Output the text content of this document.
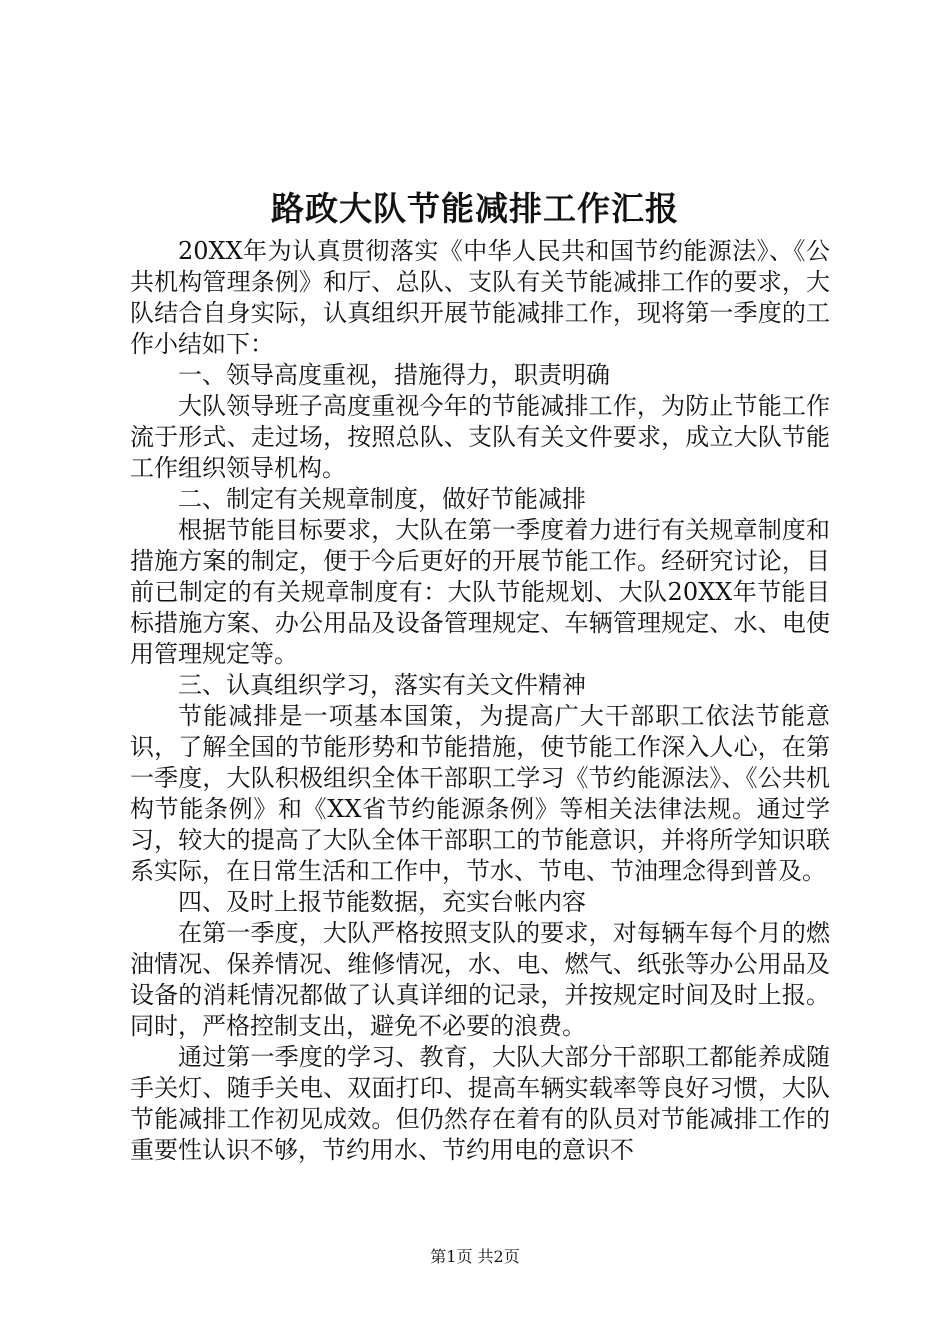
路政大队节能减排工作汇报

20XX年为认真贯彻落实《中华人民共和国节约能源法》、《公共机构管理条例》和厅、总队、支队有关节能减排工作的要求，大队结合自身实际，认真组织开展节能减排工作，现将第一季度的工作小结如下：

一、领导高度重视，措施得力，职责明确

大队领导班子高度重视今年的节能减排工作，为防止节能工作流于形式、走过场，按照总队、支队有关文件要求，成立大队节能工作组织领导机构。

二、制定有关规章制度，做好节能减排

根据节能目标要求，大队在第一季度着力进行有关规章制度和措施方案的制定，便于今后更好的开展节能工作。经研究讨论，目前已制定的有关规章制度有：大队节能规划、大队20XX年节能目标措施方案、办公用品及设备管理规定、车辆管理规定、水、电使用管理规定等。

三、认真组织学习，落实有关文件精神

节能减排是一项基本国策，为提高广大干部职工依法节能意识，了解全国的节能形势和节能措施，使节能工作深入人心，在第一季度，大队积极组织全体干部职工学习《节约能源法》、《公共机构节能条例》和《XX省节约能源条例》等相关法律法规。通过学习，较大的提高了大队全体干部职工的节能意识，并将所学知识联系实际，在日常生活和工作中，节水、节电、节油理念得到普及。

四、及时上报节能数据，充实台帐内容

在第一季度，大队严格按照支队的要求，对每辆车每个月的燃油情况、保养情况、维修情况，水、电、燃气、纸张等办公用品及设备的消耗情况都做了认真详细的记录，并按规定时间及时上报。同时，严格控制支出，避免不必要的浪费。

通过第一季度的学习、教育，大队大部分干部职工都能养成随手关灯、随手关电、双面打印、提高车辆实载率等良好习惯，大队节能减排工作初见成效。但仍然存在着有的队员对节能减排工作的重要性认识不够，节约用水、节约用电的意识不

第1页 共2页
